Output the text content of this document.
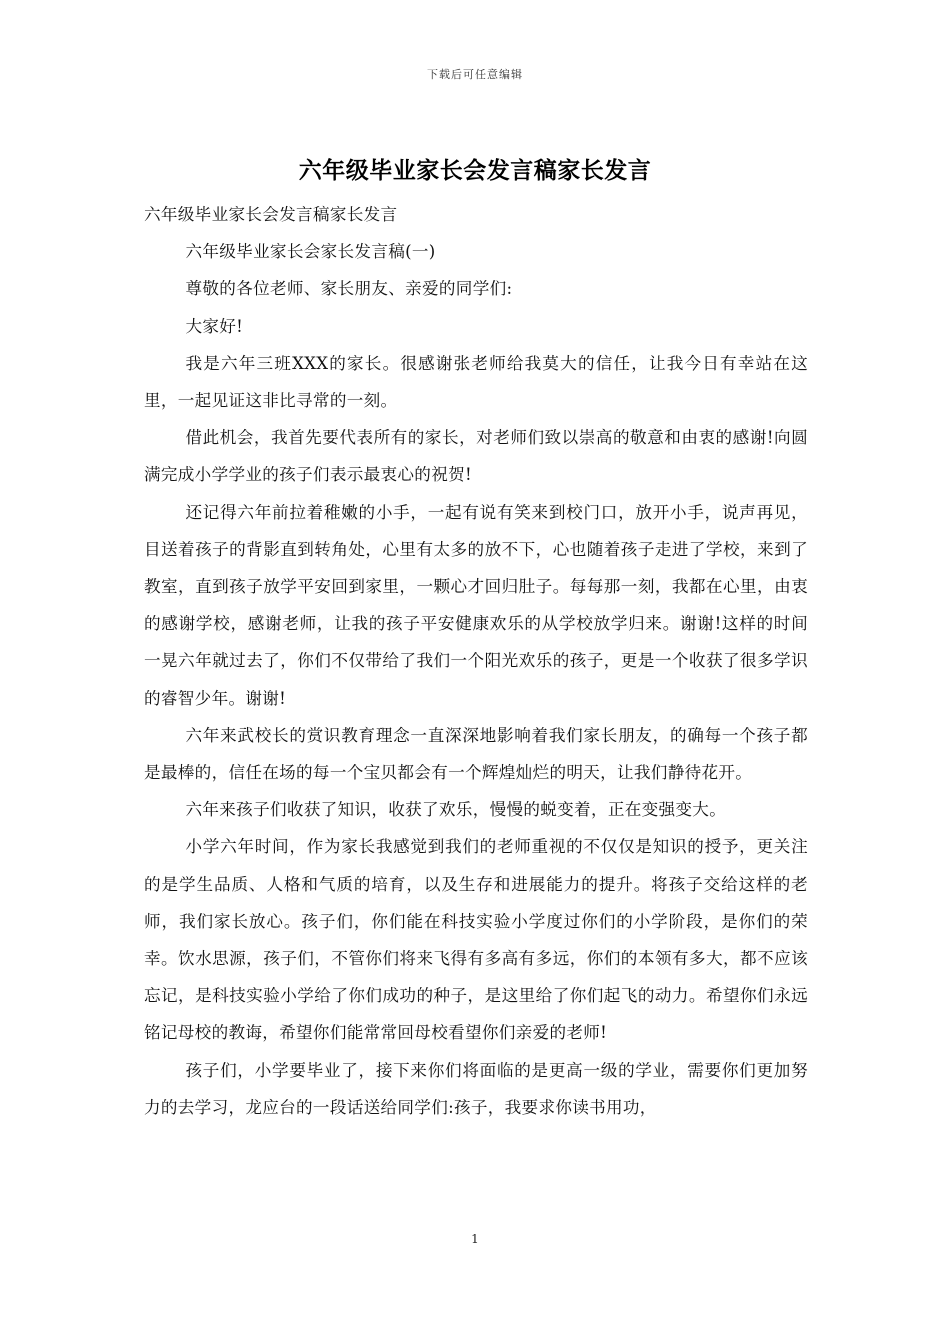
下载后可任意编辑
六年级毕业家长会发言稿家长发言

六年级毕业家长会发言稿家长发言

六年级毕业家长会家长发言稿(一)

尊敬的各位老师、家长朋友、亲爱的同学们:

大家好!

我是六年三班XXX的家长。很感谢张老师给我莫大的信任，让我今日有幸站在这里，一起见证这非比寻常的一刻。

借此机会，我首先要代表所有的家长，对老师们致以崇高的敬意和由衷的感谢!向圆满完成小学学业的孩子们表示最衷心的祝贺!

还记得六年前拉着稚嫩的小手，一起有说有笑来到校门口，放开小手，说声再见，目送着孩子的背影直到转角处，心里有太多的放不下，心也随着孩子走进了学校，来到了教室，直到孩子放学平安回到家里，一颗心才回归肚子。每每那一刻，我都在心里，由衷的感谢学校，感谢老师，让我的孩子平安健康欢乐的从学校放学归来。谢谢!这样的时间一晃六年就过去了，你们不仅带给了我们一个阳光欢乐的孩子，更是一个收获了很多学识的睿智少年。谢谢!

六年来武校长的赏识教育理念一直深深地影响着我们家长朋友，的确每一个孩子都是最棒的，信任在场的每一个宝贝都会有一个辉煌灿烂的明天，让我们静待花开。

六年来孩子们收获了知识，收获了欢乐，慢慢的蜕变着，正在变强变大。

小学六年时间，作为家长我感觉到我们的老师重视的不仅仅是知识的授予，更关注的是学生品质、人格和气质的培育，以及生存和进展能力的提升。将孩子交给这样的老师，我们家长放心。孩子们，你们能在科技实验小学度过你们的小学阶段，是你们的荣幸。饮水思源，孩子们，不管你们将来飞得有多高有多远，你们的本领有多大，都不应该忘记，是科技实验小学给了你们成功的种子，是这里给了你们起飞的动力。希望你们永远铭记母校的教诲，希望你们能常常回母校看望你们亲爱的老师!

孩子们，小学要毕业了，接下来你们将面临的是更高一级的学业，需要你们更加努力的去学习，龙应台的一段话送给同学们:孩子，我要求你读书用功，

1
